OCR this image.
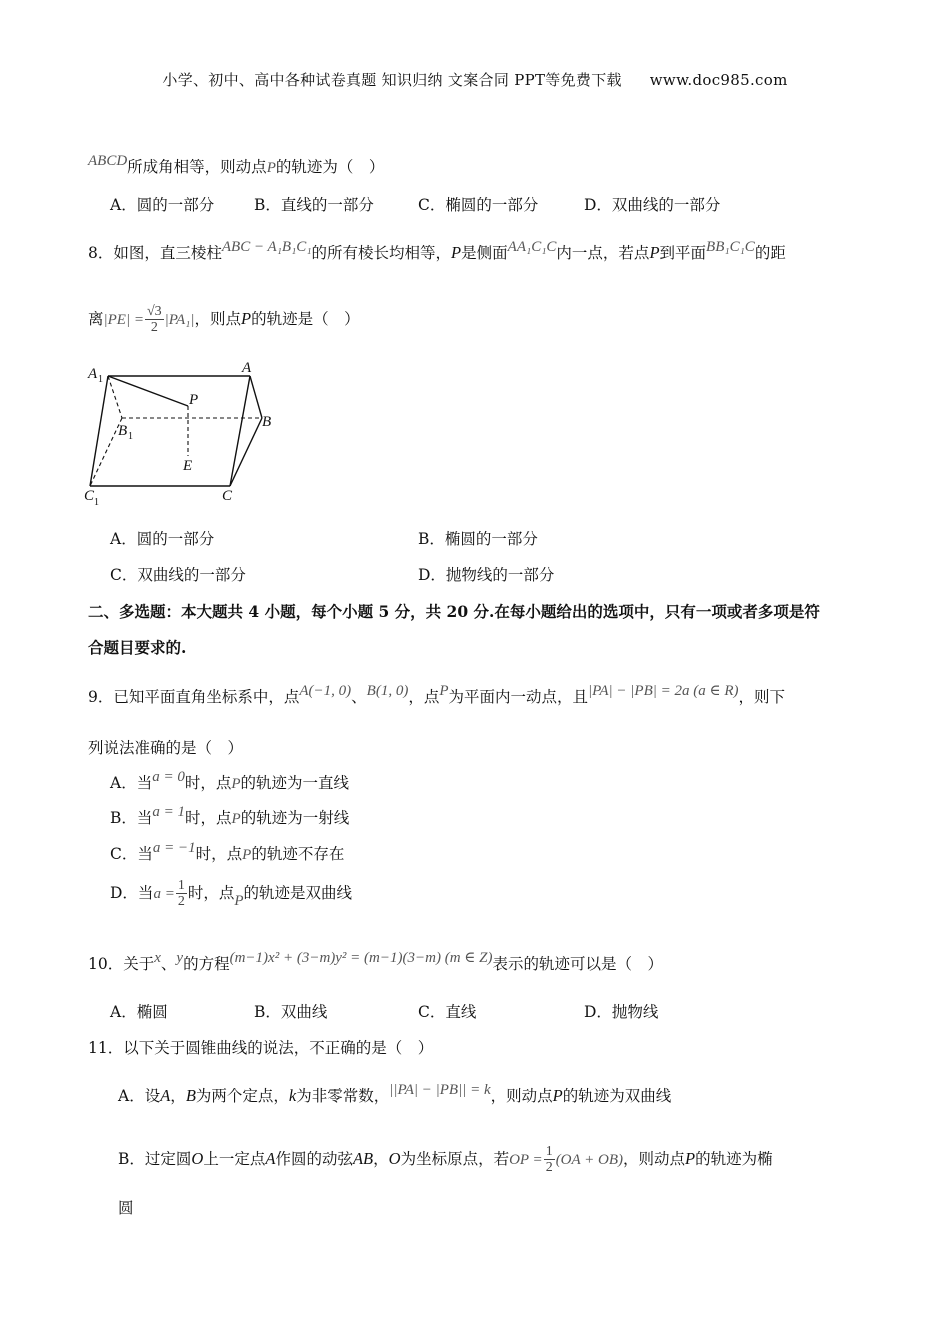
小学、初中、高中各种试卷真题 知识归纳 文案合同 PPT等免费下载 www.doc985.com
ABCD所成角相等，则动点P的轨迹为（　）
A．圆的一部分	B．直线的一部分	C．椭圆的一部分	D．双曲线的一部分
8．如图，直三棱柱ABC − A₁B₁C₁的所有棱长均相等，P是侧面AA₁C₁C内一点，若点P到平面BB₁C₁C的距
离$|PE| = \frac{√3}{2} |PA_1|$，则点P的轨迹是（　）
A 1
A
P
B 1
B
E
C 1	C
A．圆的一部分	B．椭圆的一部分
C．双曲线的一部分	D．抛物线的一部分
二、多选题：本大题共 4 小题，每个小题 5 分，共 20 分.在每小题给出的选项中，只有一项或者多项是符
合题目要求的.
9．已知平面直角坐标系中，点A(−1, 0)、B(1, 0)，点P为平面内一动点，且|PA| − |PB| = 2a (a ∈ R)，则下
列说法准确的是（　）
A．当a = 0时，点P的轨迹为一直线
B．当a = 1时，点P的轨迹为一射线
C．当a = −1时，点P的轨迹不存在
D．当$a = \frac{1}{2}$ 时，点P的轨迹是双曲线
10．关于x、y的方程(m−1)x² + (3−m)y² = (m−1)(3−m) (m ∈ Z)表示的轨迹可以是（　）
A．椭圆	B．双曲线	C．直线	D．抛物线
11．以下关于圆锥曲线的说法，不正确的是（　）
A．设A，B为两个定点，k为非零常数，||PA| − |PB|| = k，则动点P的轨迹为双曲线
B．过定圆O上一定点A作圆的动弦AB，O为坐标原点，若OP = $\frac{1}{2} (OA + OB)$，则动点P的轨迹为椭
圆
